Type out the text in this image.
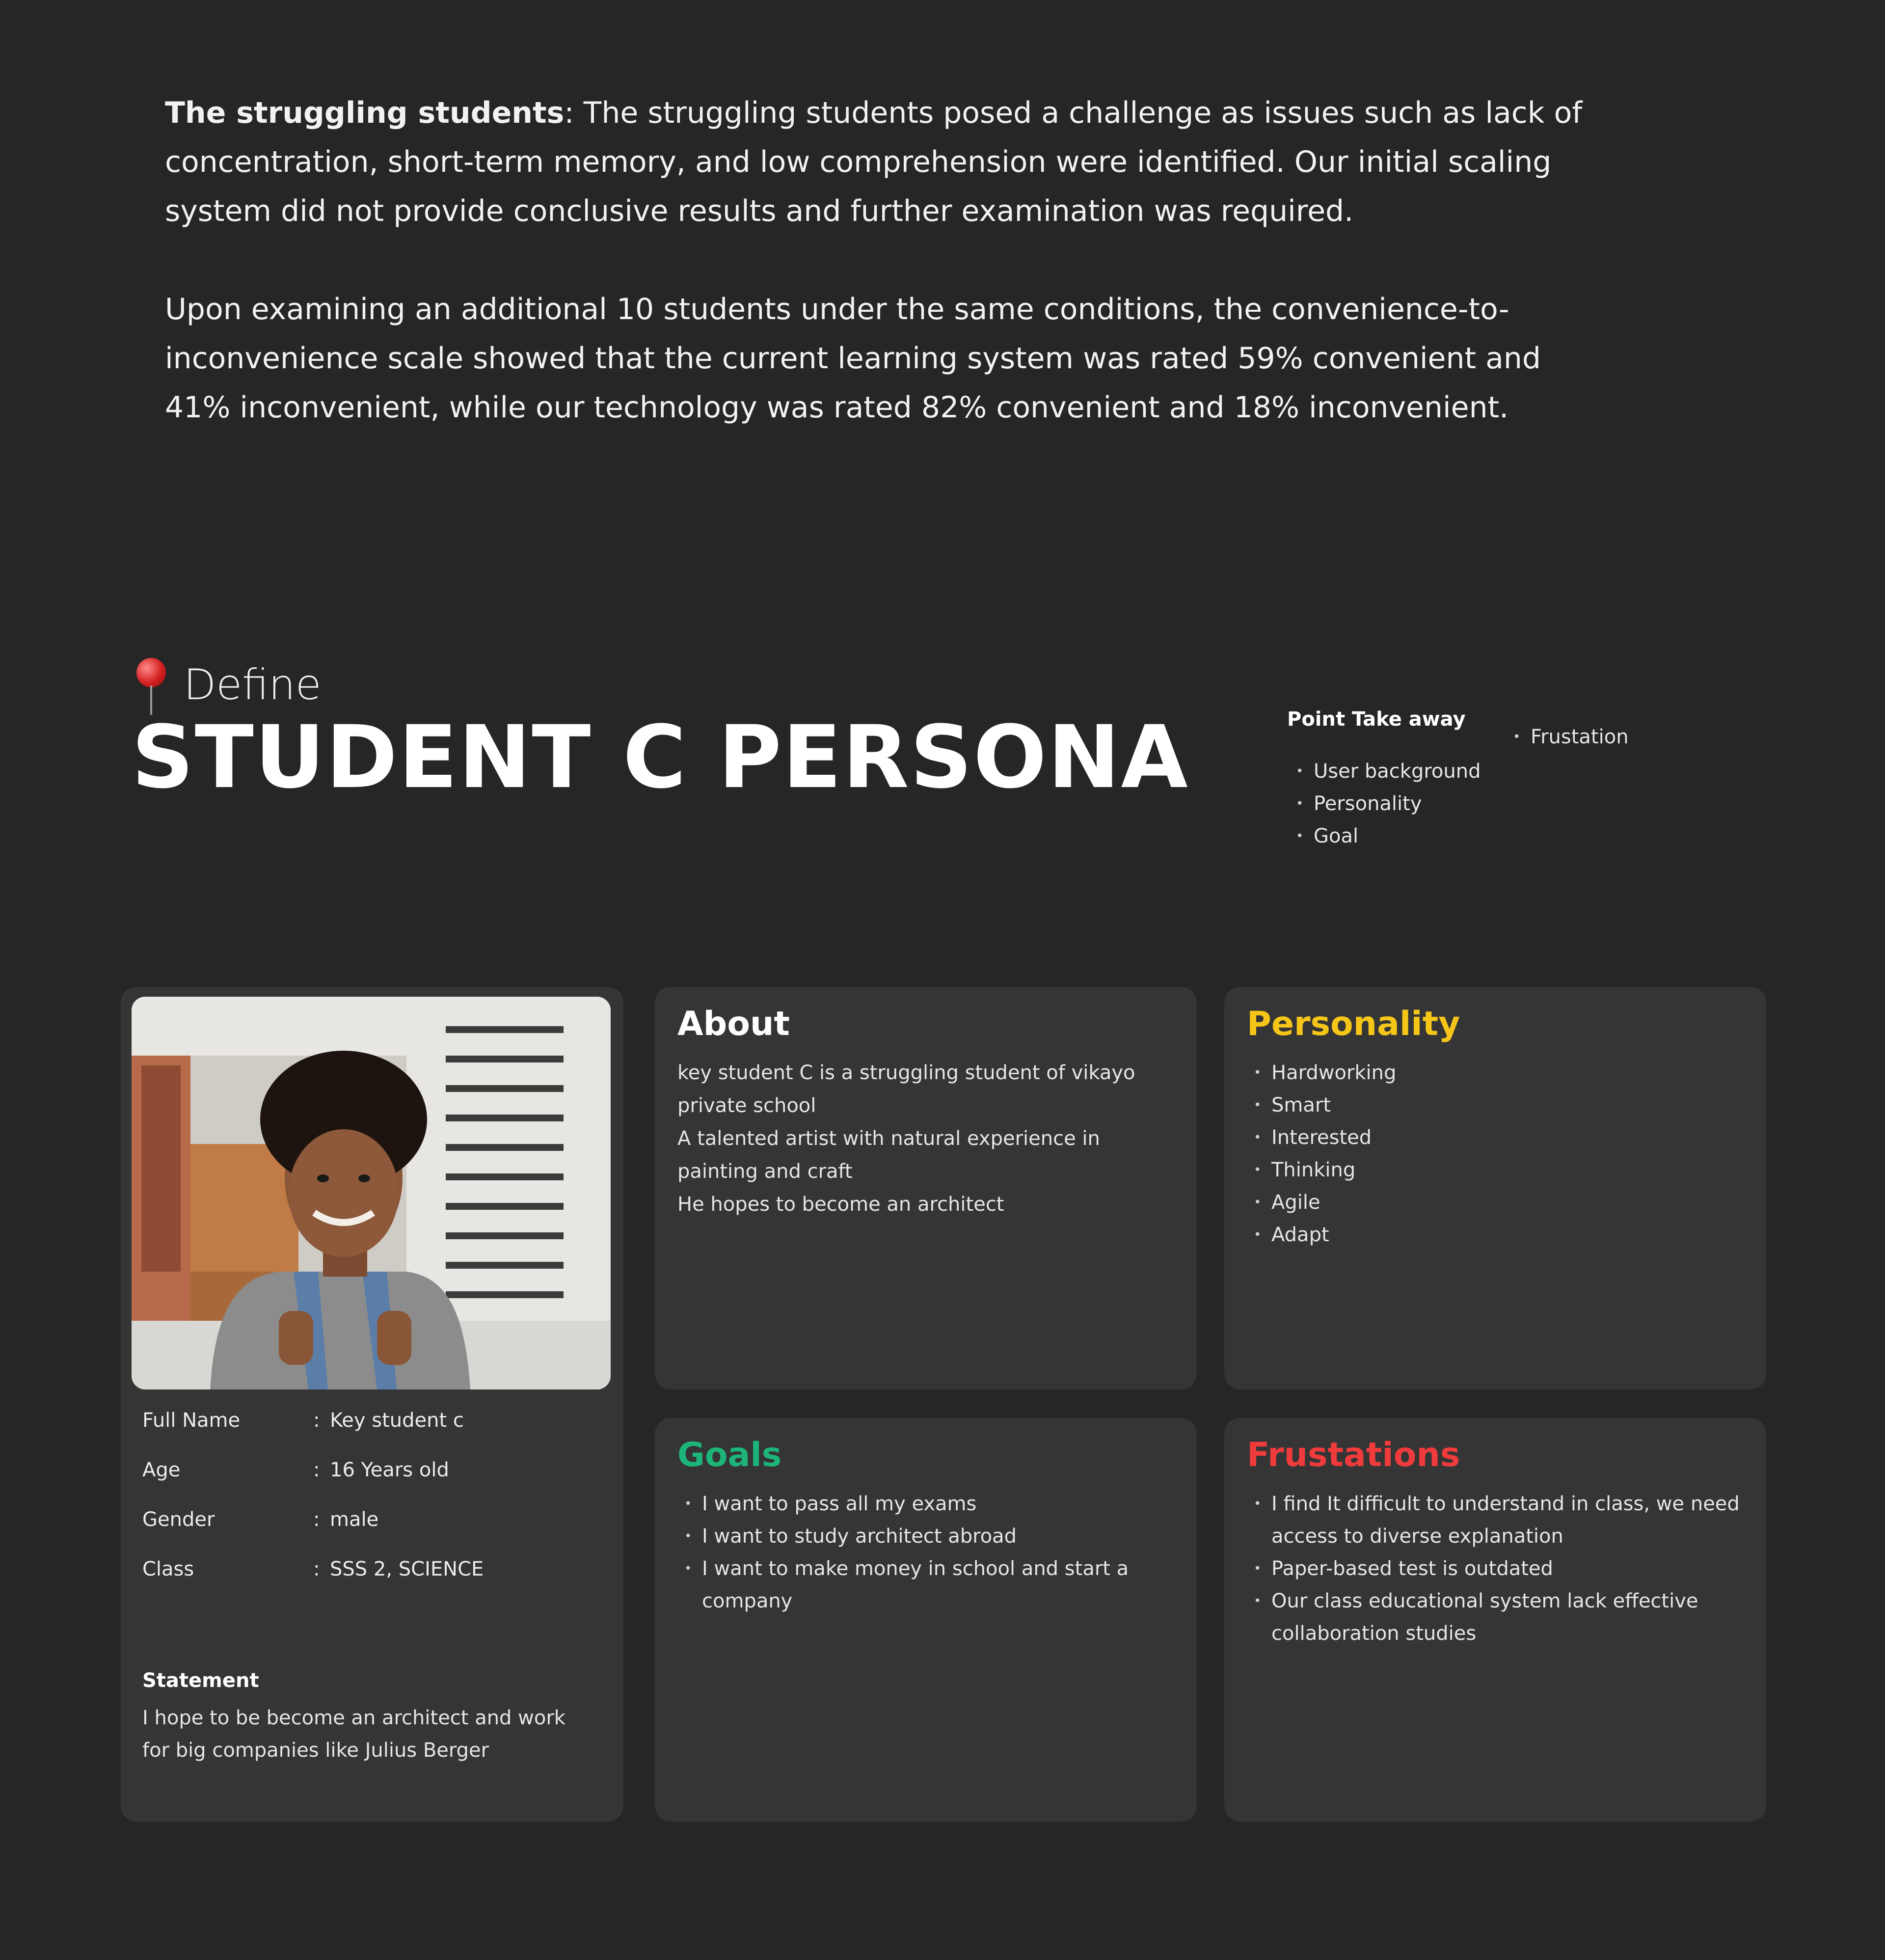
The struggling students: The struggling students posed a challenge as issues such as lack of concentration, short-term memory, and low comprehension were identified. Our initial scaling system did not provide conclusive results and further examination was required.

Upon examining an additional 10 students under the same conditions, the convenience-to-inconvenience scale showed that the current learning system was rated 59% convenient and 41% inconvenient, while our technology was rated 82% convenient and 18% inconvenient.

Define
STUDENT C PERSONA	Point Take away
• User background
• Personality
• Goal
• Frustation
Full Name	: Key student c
Age	: 16 Years old
Gender	: male
Class	: SSS 2, SCIENCE
Statement
I hope to be become an architect and work for big companies like Julius Berger
About

key student C is a struggling student of vikayo private school

A talented artist with natural experience in painting and craft

He hopes to become an architect

Personality
• Hardworking
• Smart
• Interested
• Thinking
• Agile
• Adapt
Goals
• I want to pass all my exams
• I want to study architect abroad
• I want to make money in school and start a company
Frustations
• I find It difficult to understand in class, we need access to diverse explanation
• Paper-based test is outdated
• Our class educational system lack effective collaboration studies
